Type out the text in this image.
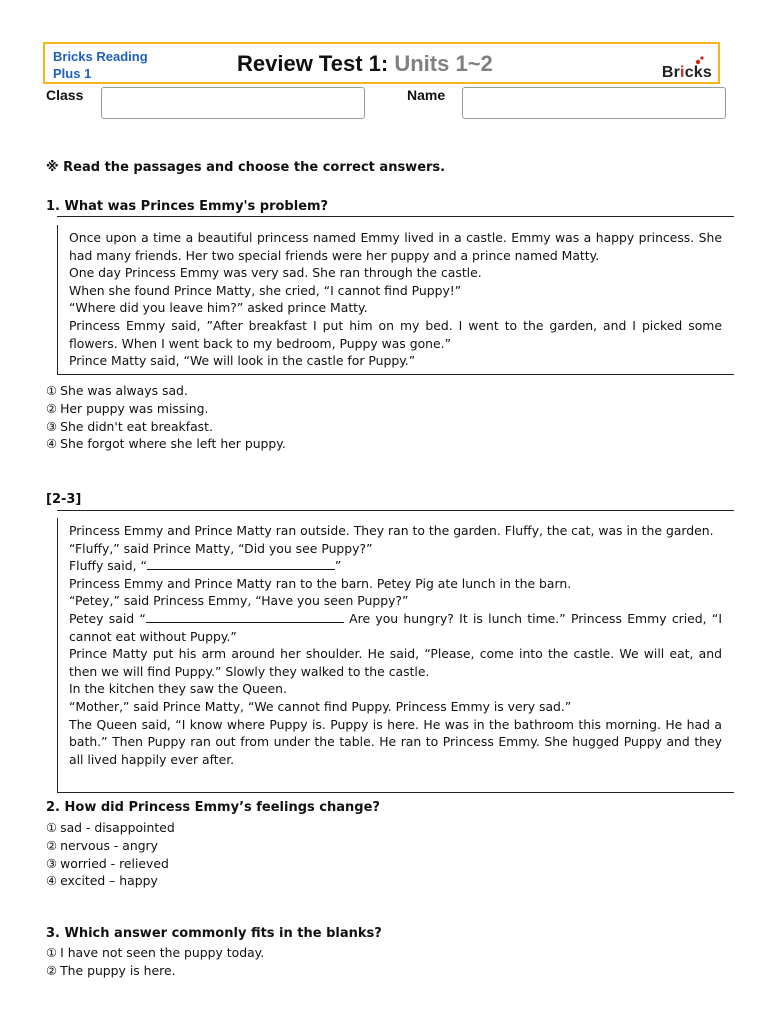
Bricks Reading
Plus 1	Review Test 1: Units 1~2	Bricks
Class	Name
※ Read the passages and choose the correct answers.
1. What was Princes Emmy's problem?

Once upon a time a beautiful princess named Emmy lived in a castle. Emmy was a happy princess. She had many friends. Her two special friends were her puppy and a prince named Matty.

One day Princess Emmy was very sad. She ran through the castle.

When she found Prince Matty, she cried, “I cannot find Puppy!”

“Where did you leave him?” asked prince Matty.

Princess Emmy said, ”After breakfast I put him on my bed. I went to the garden, and I picked some flowers. When I went back to my bedroom, Puppy was gone.”

Prince Matty said, “We will look in the castle for Puppy.”

① She was always sad.
② Her puppy was missing.
③ She didn't eat breakfast.
④ She forgot where she left her puppy.
[2-3]

Princess Emmy and Prince Matty ran outside. They ran to the garden. Fluffy, the cat, was in the garden.

“Fluffy,” said Prince Matty, “Did you see Puppy?”

Fluffy said, “	”

Princess Emmy and Prince Matty ran to the barn. Petey Pig ate lunch in the barn.

“Petey,” said Princess Emmy, “Have you seen Puppy?”

Petey said “	Are you hungry? It is lunch time.” Princess Emmy cried, “I cannot eat without Puppy.”

Prince Matty put his arm around her shoulder. He said, “Please, come into the castle. We will eat, and then we will find Puppy.” Slowly they walked to the castle.

In the kitchen they saw the Queen.

“Mother,” said Prince Matty, “We cannot find Puppy. Princess Emmy is very sad.”

The Queen said, “I know where Puppy is. Puppy is here. He was in the bathroom this morning. He had a bath.” Then Puppy ran out from under the table. He ran to Princess Emmy. She hugged Puppy and they all lived happily ever after.

2. How did Princess Emmy’s feelings change?
① sad - disappointed
② nervous - angry
③ worried - relieved
④ excited – happy
3. Which answer commonly fits in the blanks?
① I have not seen the puppy today.
② The puppy is here.
